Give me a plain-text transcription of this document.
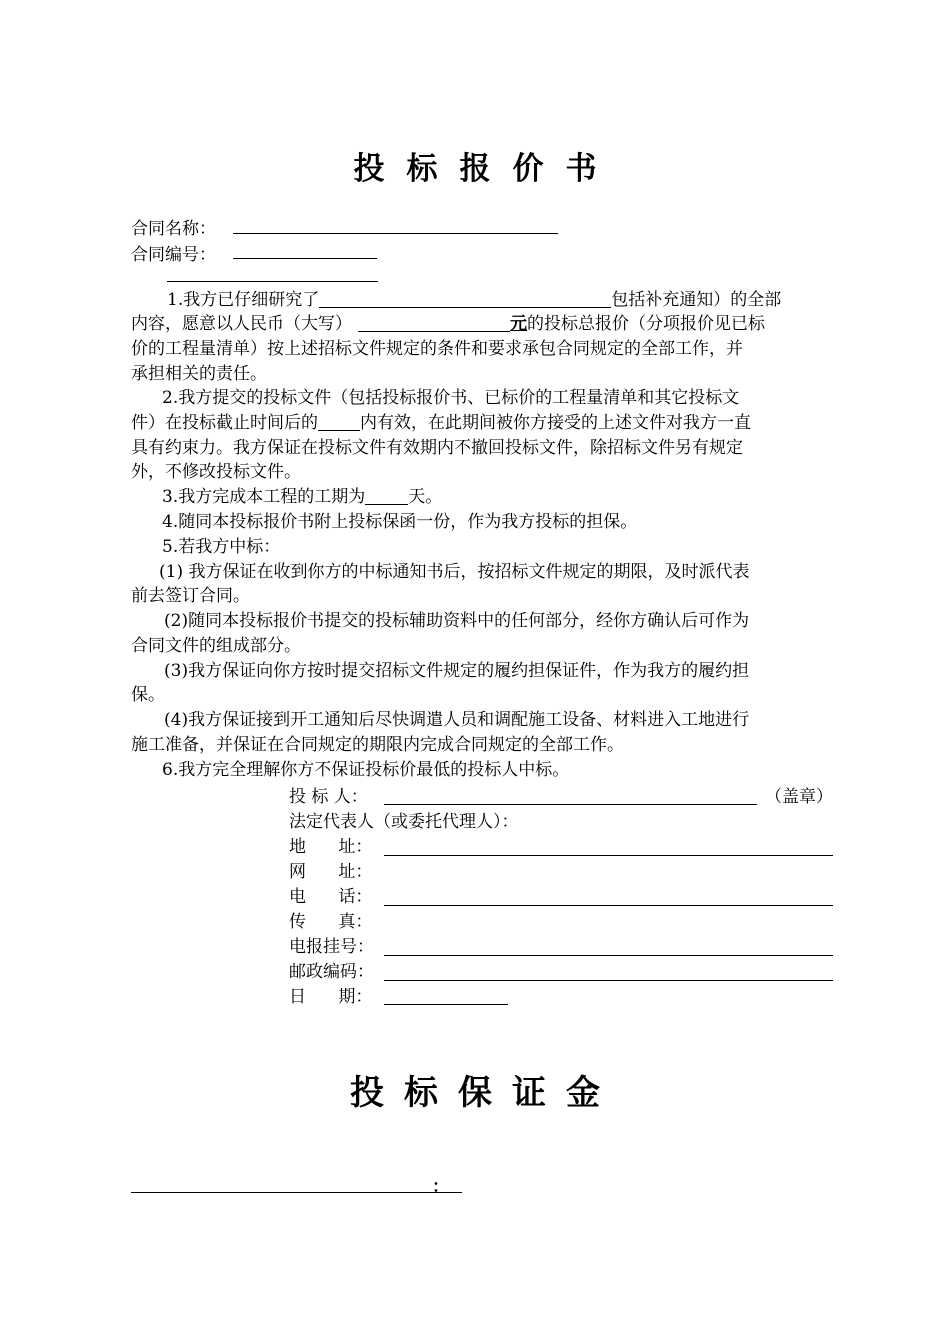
投 标 报 价 书
合同名称：
合同编号：
1.我方已仔细研究了	包括补充通知）的全部
内容，愿意以人民币（大写）	元的投标总报价（分项报价见已标
价的工程量清单）按上述招标文件规定的条件和要求承包合同规定的全部工作，并
承担相关的责任。
2.我方提交的投标文件（包括投标报价书、已标价的工程量清单和其它投标文
件）在投标截止时间后的 内有效，在此期间被你方接受的上述文件对我方一直
具有约束力。我方保证在投标文件有效期内不撤回投标文件，除招标文件另有规定
外，不修改投标文件。
3.我方完成本工程的工期为	天。
4.随同本投标报价书附上投标保函一份，作为我方投标的担保。
5.若我方中标：
(1) 我方保证在收到你方的中标通知书后，按招标文件规定的期限，及时派代表
前去签订合同。
(2)随同本投标报价书提交的投标辅助资料中的任何部分，经你方确认后可作为
合同文件的组成部分。
(3)我方保证向你方按时提交招标文件规定的履约担保证件，作为我方的履约担
保。
(4)我方保证接到开工通知后尽快调遣人员和调配施工设备、材料进入工地进行
施工准备，并保证在合同规定的期限内完成合同规定的全部工作。
6.我方完全理解你方不保证投标价最低的投标人中标。
投 标 人：	（盖章）
法定代表人（或委托代理人）：
地      址：
网      址：
电      话：
传      真：
电报挂号：
邮政编码：
日      期：
投 标 保 证 金
：
